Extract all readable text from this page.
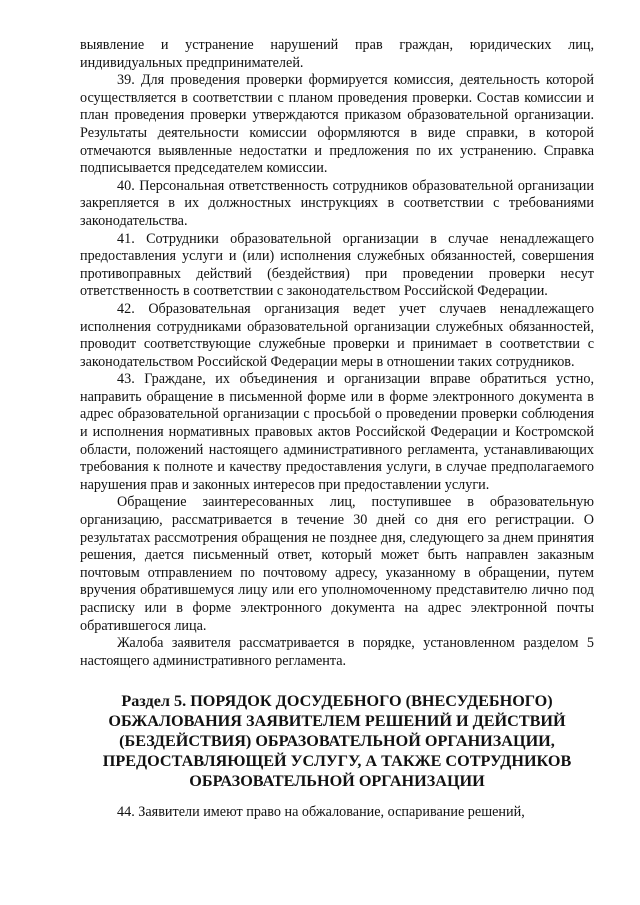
выявление и устранение нарушений прав граждан, юридических лиц, индивидуальных предпринимателей.

39. Для проведения проверки формируется комиссия, деятельность которой осуществляется в соответствии с планом проведения проверки. Состав комиссии и план проведения проверки утверждаются приказом образовательной организации. Результаты деятельности комиссии оформляются в виде справки, в которой отмечаются выявленные недостатки и предложения по их устранению. Справка подписывается председателем комиссии.

40. Персональная ответственность сотрудников образовательной организации закрепляется в их должностных инструкциях в соответствии с требованиями законодательства.

41. Сотрудники образовательной организации в случае ненадлежащего предоставления услуги и (или) исполнения служебных обязанностей, совершения противоправных действий (бездействия) при проведении проверки несут ответственность в соответствии с законодательством Российской Федерации.

42. Образовательная организация ведет учет случаев ненадлежащего исполнения сотрудниками образовательной организации служебных обязанностей, проводит соответствующие служебные проверки и принимает в соответствии с законодательством Российской Федерации меры в отношении таких сотрудников.

43. Граждане, их объединения и организации вправе обратиться устно, направить обращение в письменной форме или в форме электронного документа в адрес образовательной организации с просьбой о проведении проверки соблюдения и исполнения нормативных правовых актов Российской Федерации и Костромской области, положений настоящего административного регламента, устанавливающих требования к полноте и качеству предоставления услуги, в случае предполагаемого нарушения прав и законных интересов при предоставлении услуги.

Обращение заинтересованных лиц, поступившее в образовательную организацию, рассматривается в течение 30 дней со дня его регистрации. О результатах рассмотрения обращения не позднее дня, следующего за днем принятия решения, дается письменный ответ, который может быть направлен заказным почтовым отправлением по почтовому адресу, указанному в обращении, путем вручения обратившемуся лицу или его уполномоченному представителю лично под расписку или в форме электронного документа на адрес электронной почты обратившегося лица.

Жалоба заявителя рассматривается в порядке, установленном разделом 5 настоящего административного регламента.

Раздел 5. ПОРЯДОК ДОСУДЕБНОГО (ВНЕСУДЕБНОГО) ОБЖАЛОВАНИЯ ЗАЯВИТЕЛЕМ РЕШЕНИЙ И ДЕЙСТВИЙ (БЕЗДЕЙСТВИЯ) ОБРАЗОВАТЕЛЬНОЙ ОРГАНИЗАЦИИ, ПРЕДОСТАВЛЯЮЩЕЙ УСЛУГУ, А ТАКЖЕ СОТРУДНИКОВ ОБРАЗОВАТЕЛЬНОЙ ОРГАНИЗАЦИИ

44. Заявители имеют право на обжалование, оспаривание решений,
